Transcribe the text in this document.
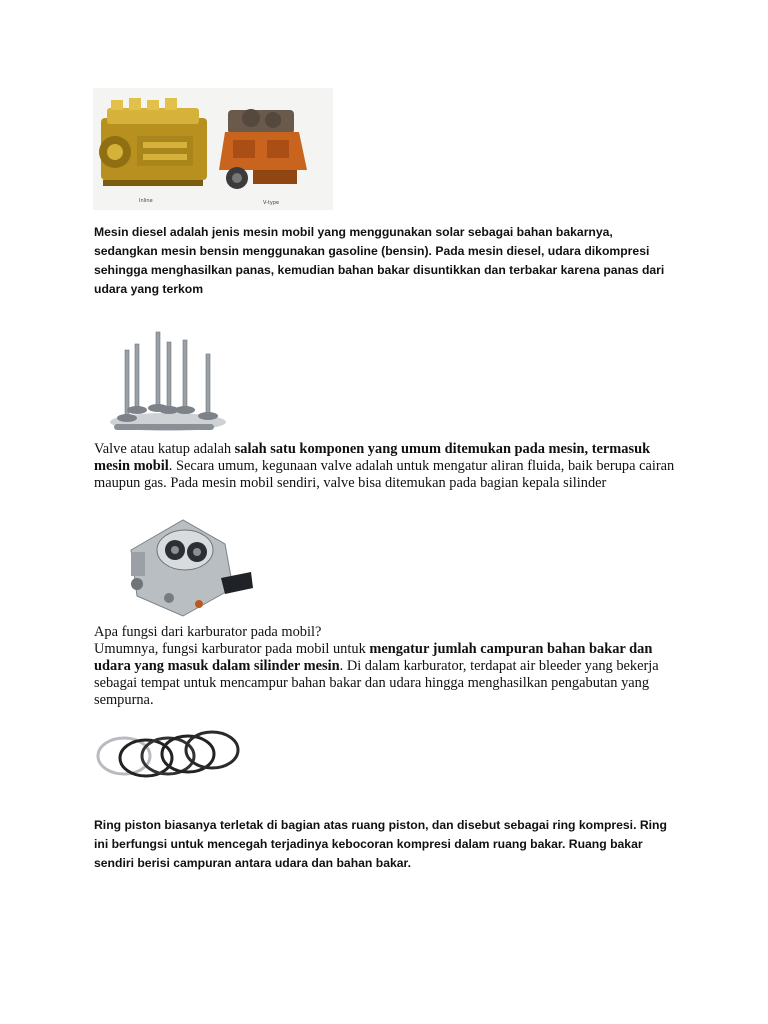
Inline	V-type

Mesin diesel adalah jenis mesin mobil yang menggunakan solar sebagai bahan bakarnya, sedangkan mesin bensin menggunakan gasoline (bensin). Pada mesin diesel, udara dikompresi sehingga menghasilkan panas, kemudian bahan bakar disuntikkan dan terbakar karena panas dari udara yang terkom

Valve atau katup adalah salah satu komponen yang umum ditemukan pada mesin, termasuk mesin mobil. Secara umum, kegunaan valve adalah untuk mengatur aliran fluida, baik berupa cairan maupun gas. Pada mesin mobil sendiri, valve bisa ditemukan pada bagian kepala silinder

Apa fungsi dari karburator pada mobil?
Umumnya, fungsi karburator pada mobil untuk mengatur jumlah campuran bahan bakar dan udara yang masuk dalam silinder mesin. Di dalam karburator, terdapat air bleeder yang bekerja sebagai tempat untuk mencampur bahan bakar dan udara hingga menghasilkan pengabutan yang sempurna.

Ring piston biasanya terletak di bagian atas ruang piston, dan disebut sebagai ring kompresi. Ring ini berfungsi untuk mencegah terjadinya kebocoran kompresi dalam ruang bakar. Ruang bakar sendiri berisi campuran antara udara dan bahan bakar.
